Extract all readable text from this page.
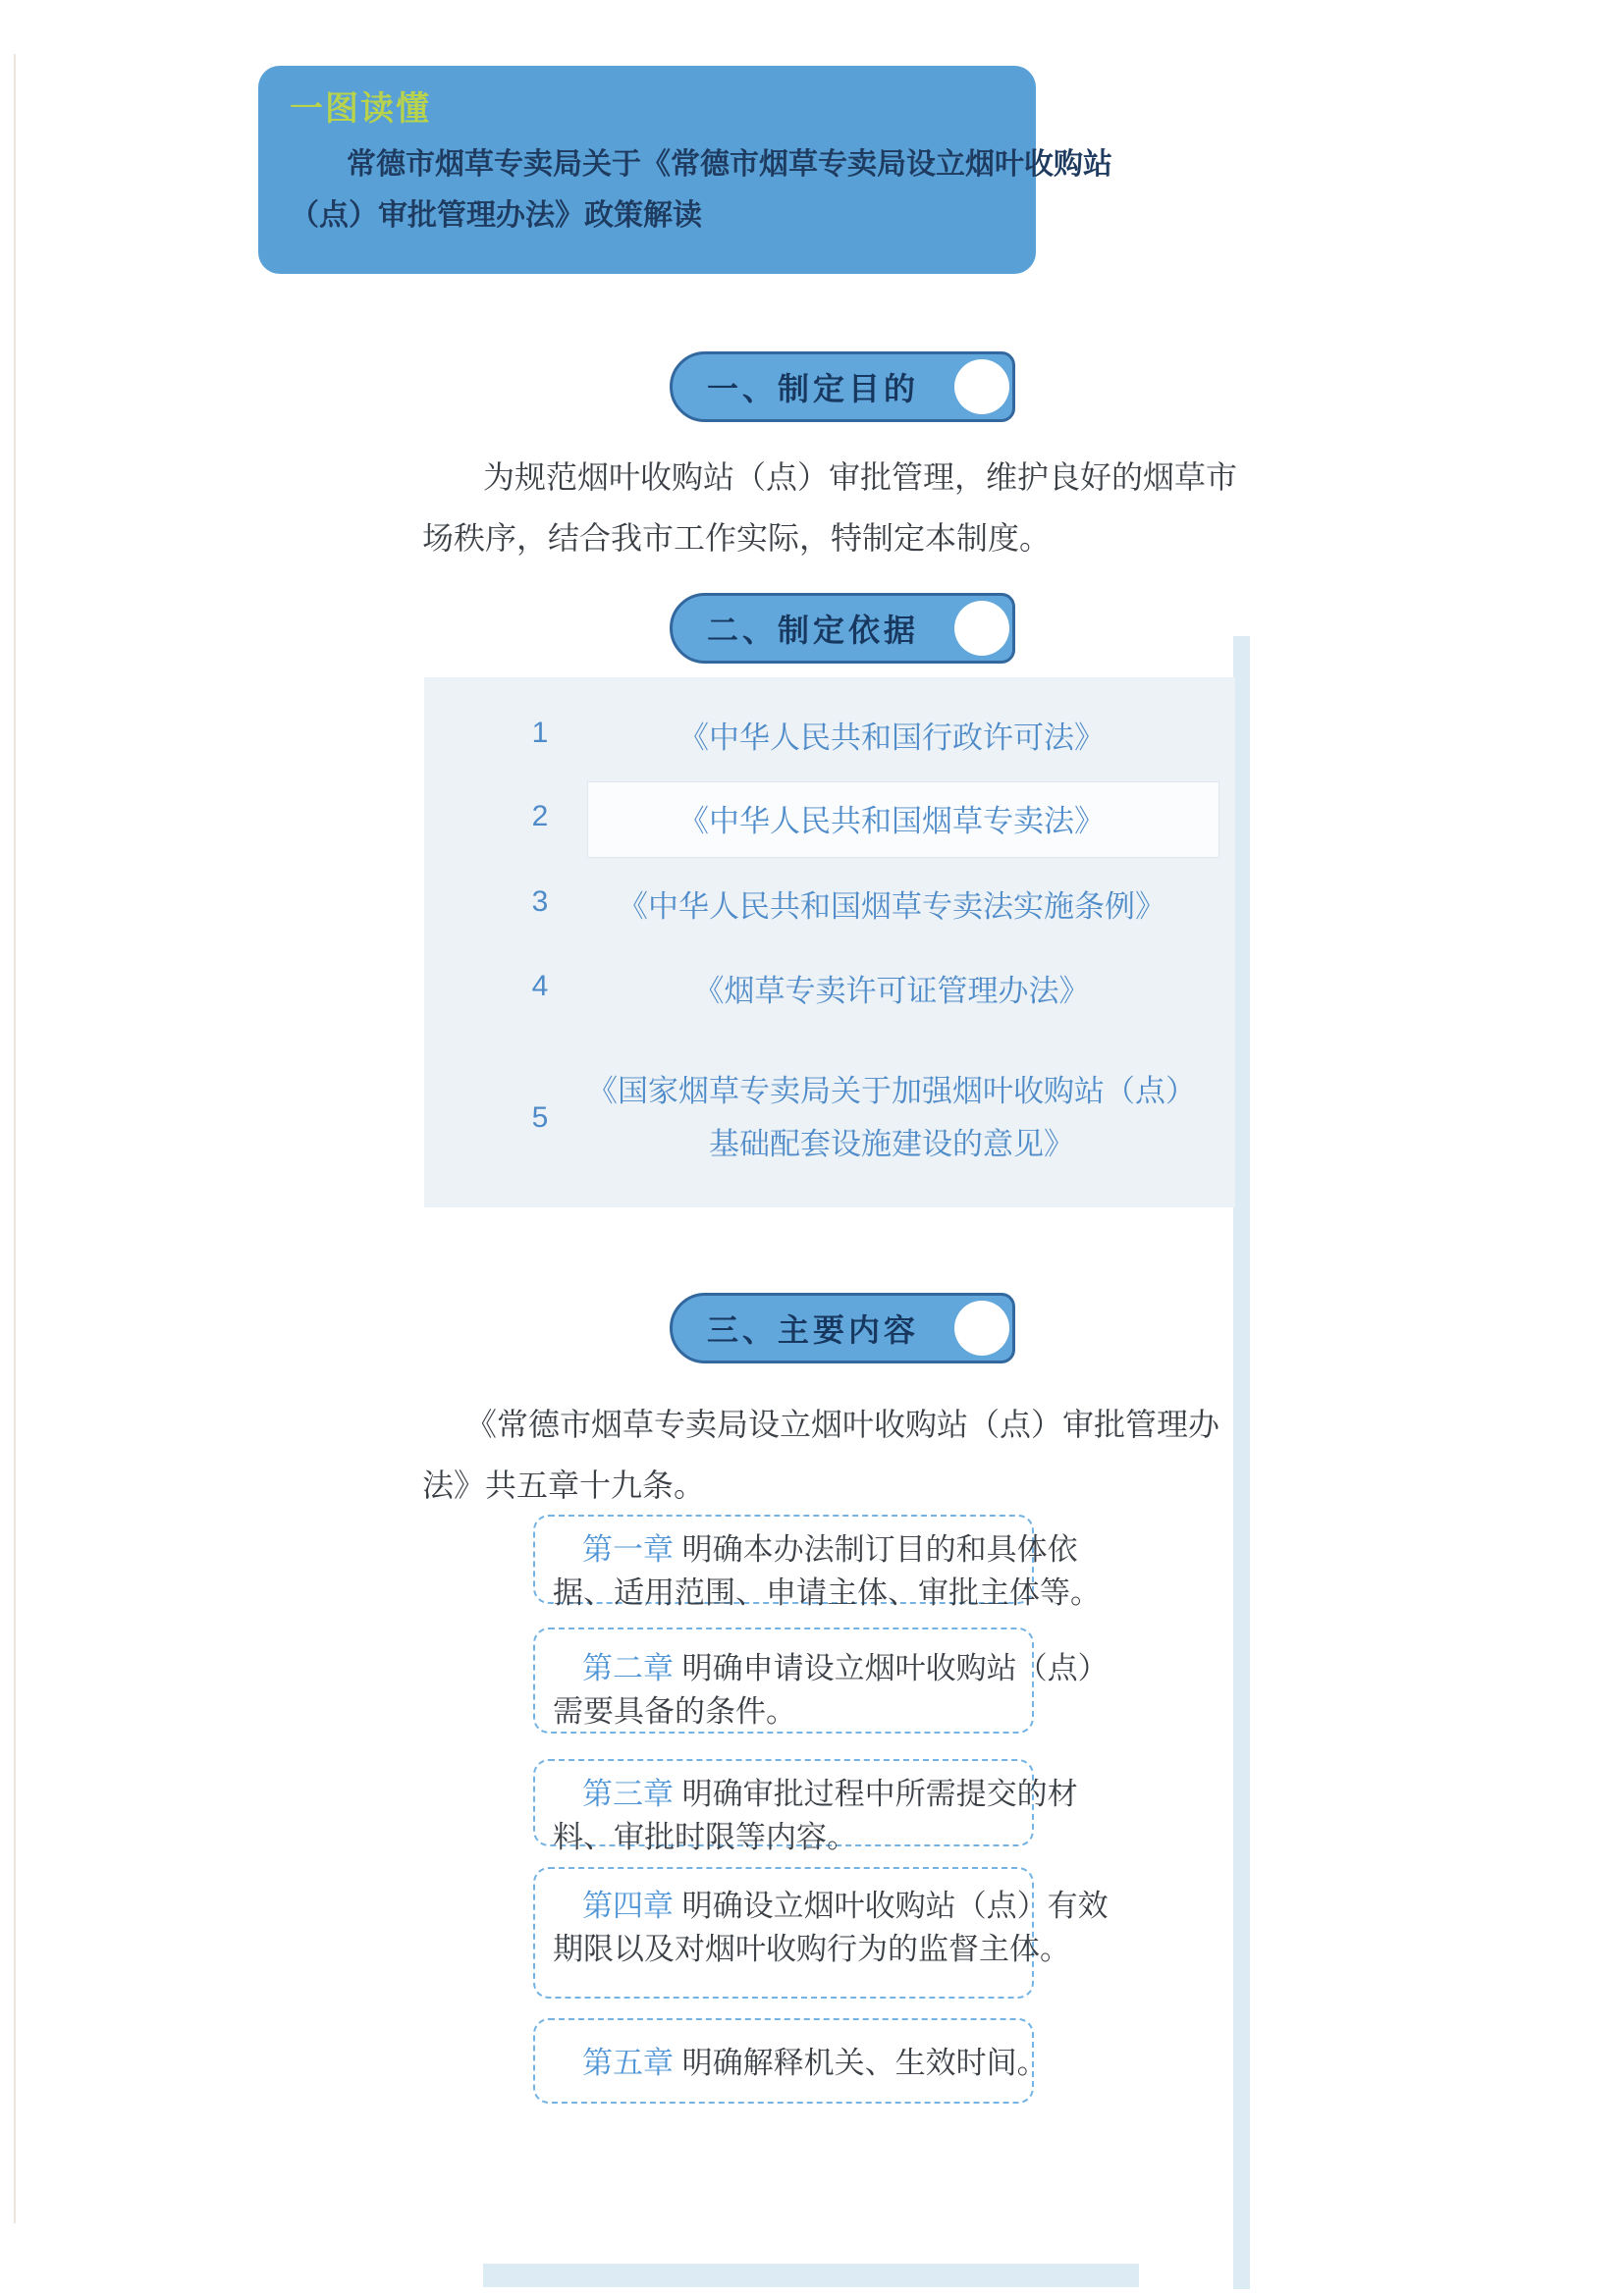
一图读懂
常德市烟草专卖局关于《常德市烟草专卖局设立烟叶收购站
（点）审批管理办法》政策解读
一、制定目的
为规范烟叶收购站（点）审批管理，维护良好的烟草市
场秩序，结合我市工作实际，特制定本制度。
二、制定依据
1	《中华人民共和国行政许可法》
2	《中华人民共和国烟草专卖法》
3	《中华人民共和国烟草专卖法实施条例》
4	《烟草专卖许可证管理办法》
5
《国家烟草专卖局关于加强烟叶收购站（点）
基础配套设施建设的意见》
三、主要内容
《常德市烟草专卖局设立烟叶收购站（点）审批管理办
法》共五章十九条。
第一章 明确本办法制订目的和具体依
据、适用范围、申请主体、审批主体等。
第二章 明确申请设立烟叶收购站（点）
需要具备的条件。
第三章 明确审批过程中所需提交的材
料、审批时限等内容。
第四章 明确设立烟叶收购站（点）有效
期限以及对烟叶收购行为的监督主体。
第五章 明确解释机关、生效时间。
